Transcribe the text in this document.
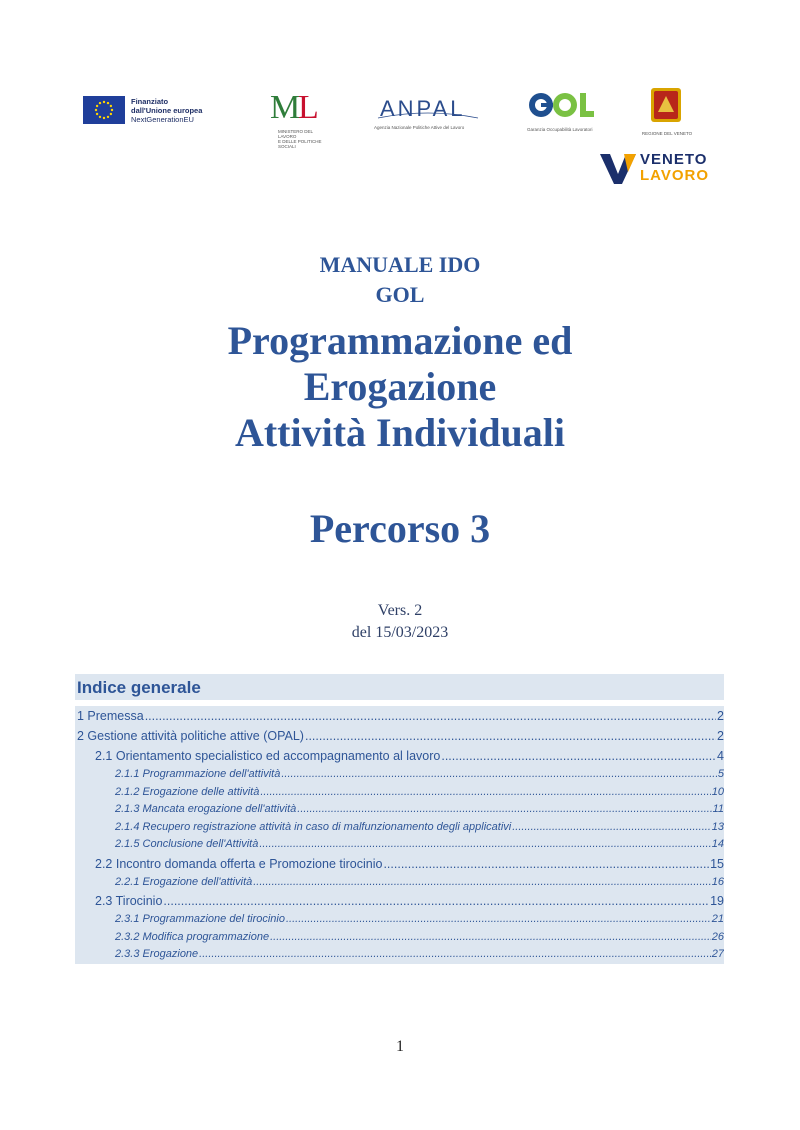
Finanziato
dall'Unione europea
NextGenerationEU M
L
MINISTERO DEL LAVORO
E DELLE POLITICHE SOCIALI
ANPAL
Agenzia Nazionale Politiche Attive del Lavoro	Garanzia Occupabilità Lavoratori
REGIONE DEL VENETO
VENETO
LAVORO
MANUALE IDO
GOL
Programmazione ed
Erogazione
Attività Individuali
Percorso 3
Vers. 2
del 15/03/2023
Indice generale
1 Premessa .....	2
2 Gestione attività politiche attive (OPAL) .....	2
2.1 Orientamento specialistico ed accompagnamento al lavoro .....	4
2.1.1 Programmazione dell'attività .....	5
2.1.2 Erogazione delle attività .....	10
2.1.3 Mancata erogazione dell'attività .....	11
2.1.4 Recupero registrazione attività in caso di malfunzionamento degli applicativi .....	13
2.1.5 Conclusione dell'Attività .....	14
2.2 Incontro domanda offerta e Promozione tirocinio .....	15
2.2.1 Erogazione dell'attività .....	16
2.3 Tirocinio .....	19
2.3.1 Programmazione del tirocinio .....	21
2.3.2 Modifica programmazione .....	26
2.3.3 Erogazione .....	27
1
